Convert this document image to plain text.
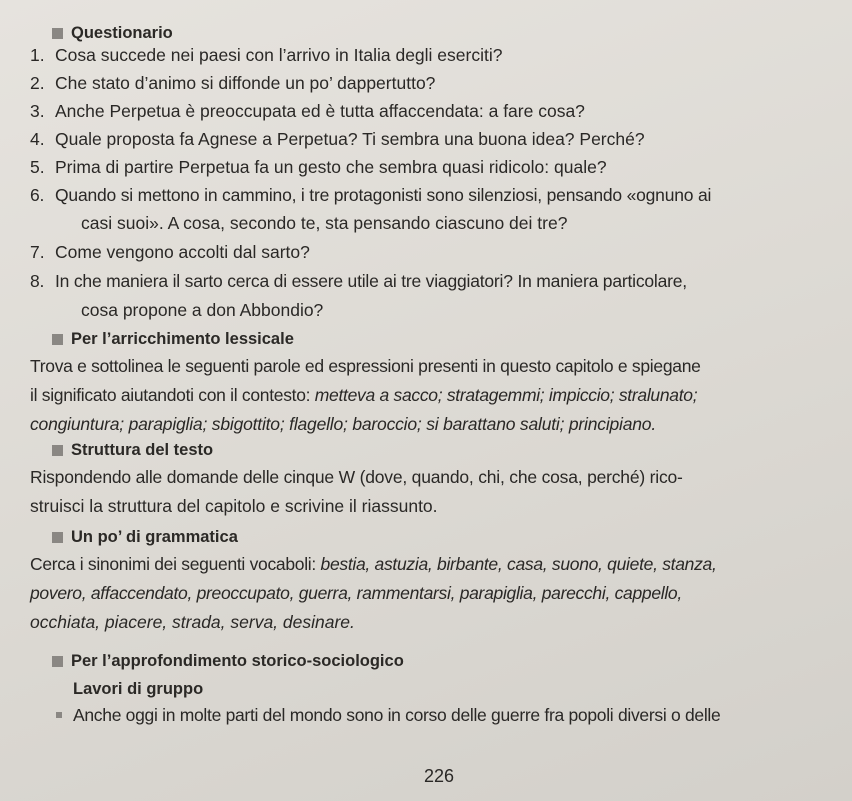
Questionario
1. Cosa succede nei paesi con l’arrivo in Italia degli eserciti?
2. Che stato d’animo si diffonde un po’ dappertutto?
3. Anche Perpetua è preoccupata ed è tutta affaccendata: a fare cosa?
4. Quale proposta fa Agnese a Perpetua? Ti sembra una buona idea? Perché?
5. Prima di partire Perpetua fa un gesto che sembra quasi ridicolo: quale?
6. Quando si mettono in cammino, i tre protagonisti sono silenziosi, pensando «ognuno ai
casi suoi». A cosa, secondo te, sta pensando ciascuno dei tre?
7. Come vengono accolti dal sarto?
8. In che maniera il sarto cerca di essere utile ai tre viaggiatori? In maniera particolare,
cosa propone a don Abbondio?
Per l’arricchimento lessicale
Trova e sottolinea le seguenti parole ed espressioni presenti in questo capitolo e spiegane
il significato aiutandoti con il contesto: metteva a sacco; stratagemmi; impiccio; stralunato;
congiuntura; parapiglia; sbigottito; flagello; baroccio; si barattano saluti; principiano.
Struttura del testo
Rispondendo alle domande delle cinque W (dove, quando, chi, che cosa, perché) rico-
struisci la struttura del capitolo e scrivine il riassunto.
Un po’ di grammatica
Cerca i sinonimi dei seguenti vocaboli: bestia, astuzia, birbante, casa, suono, quiete, stanza,
povero, affaccendato, preoccupato, guerra, rammentarsi, parapiglia, parecchi, cappello,
occhiata, piacere, strada, serva, desinare.
Per l’approfondimento storico-sociologico
Lavori di gruppo
Anche oggi in molte parti del mondo sono in corso delle guerre fra popoli diversi o delle
226
